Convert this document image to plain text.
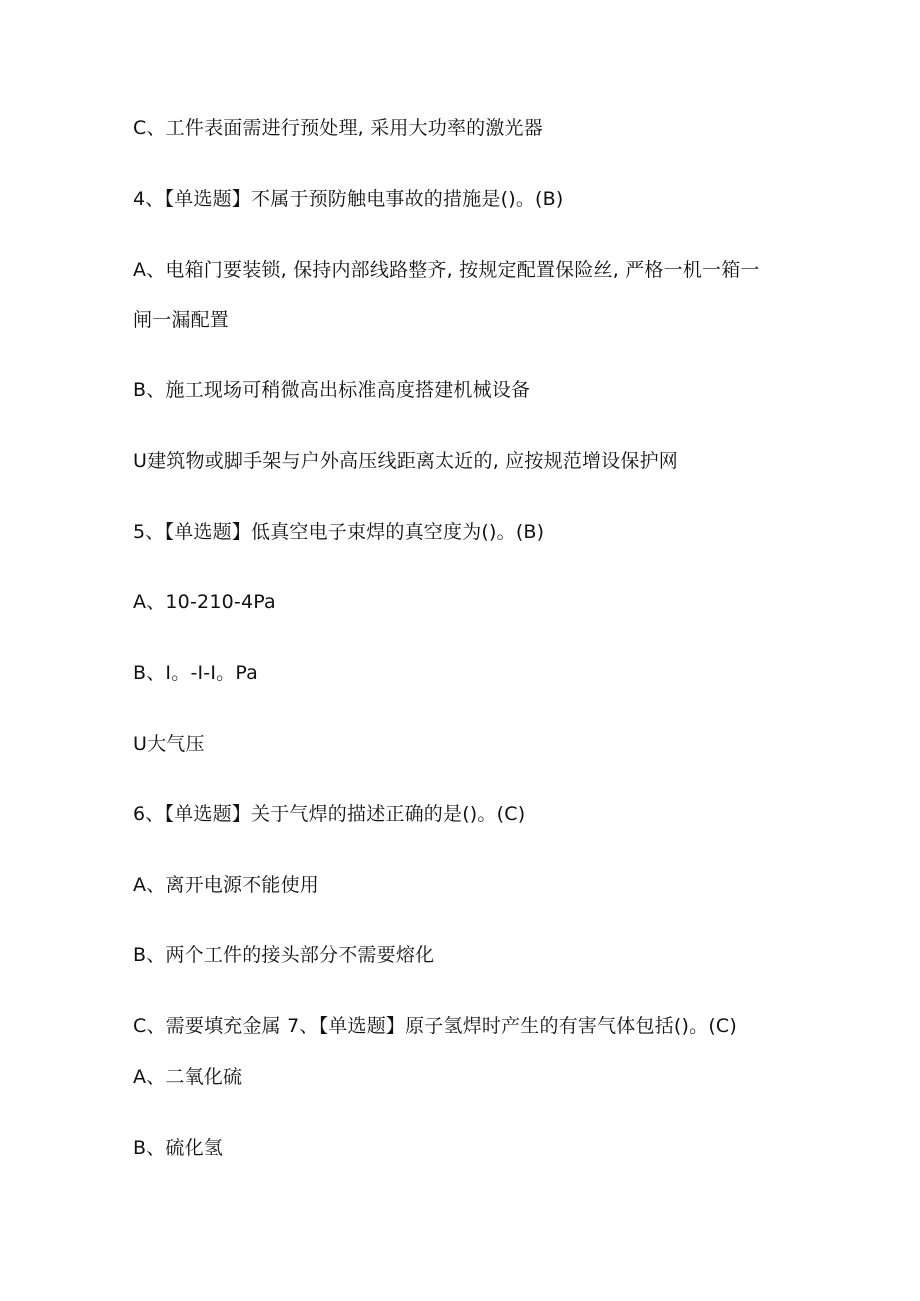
C、工件表面需进行预处理, 采用大功率的激光器
4、【单选题】不属于预防触电事故的措施是()。(B)
A、电箱门要装锁, 保持内部线路整齐, 按规定配置保险丝, 严格一机一箱一
闸一漏配置
B、施工现场可稍微高出标准高度搭建机械设备
U建筑物或脚手架与户外高压线距离太近的, 应按规范增设保护网
5、【单选题】低真空电子束焊的真空度为()。(B)
A、10-210-4Pa
B、I。-I-I。Pa
U大气压
6、【单选题】关于气焊的描述正确的是()。(C)
A、离开电源不能使用
B、两个工件的接头部分不需要熔化
C、需要填充金属 7、【单选题】原子氢焊时产生的有害气体包括()。(C)
A、二氧化硫
B、硫化氢
